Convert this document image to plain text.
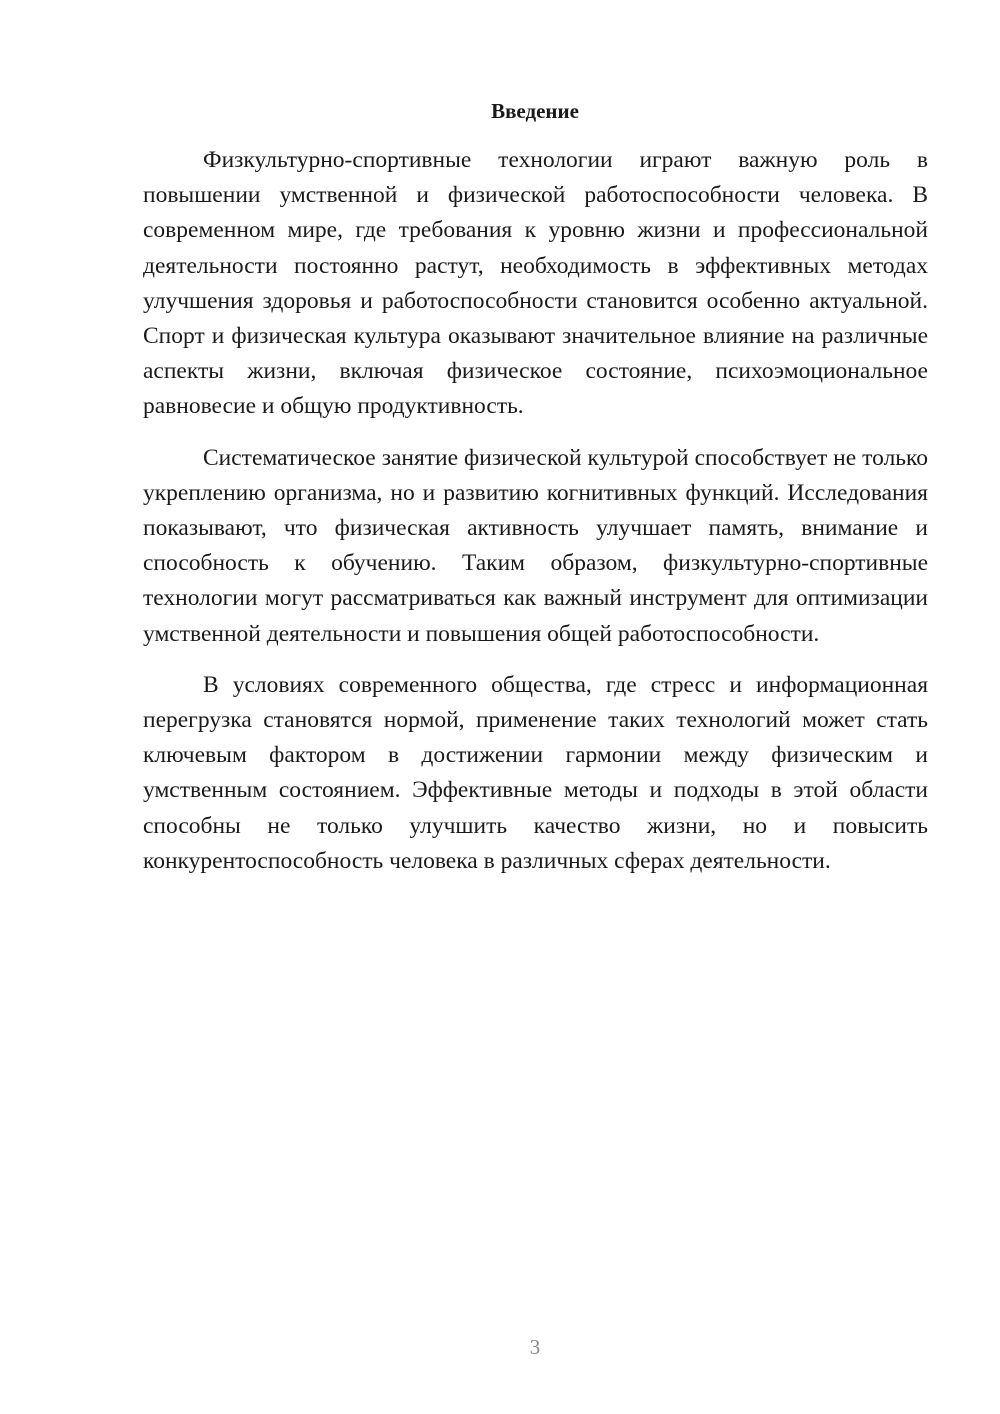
Введение

Физкультурно-спортивные технологии играют важную роль в повышении умственной и физической работоспособности человека. В современном мире, где требования к уровню жизни и профессиональной деятельности постоянно растут, необходимость в эффективных методах улучшения здоровья и работоспособности становится особенно актуальной. Спорт и физическая культура оказывают значительное влияние на различные аспекты жизни, включая физическое состояние, психоэмоциональное равновесие и общую продуктивность.

Систематическое занятие физической культурой способствует не только укреплению организма, но и развитию когнитивных функций. Исследования показывают, что физическая активность улучшает память, внимание и способность к обучению. Таким образом, физкультурно-спортивные технологии могут рассматриваться как важный инструмент для оптимизации умственной деятельности и повышения общей работоспособности.

В условиях современного общества, где стресс и информационная перегрузка становятся нормой, применение таких технологий может стать ключевым фактором в достижении гармонии между физическим и умственным состоянием. Эффективные методы и подходы в этой области способны не только улучшить качество жизни, но и повысить конкурентоспособность человека в различных сферах деятельности.

3
